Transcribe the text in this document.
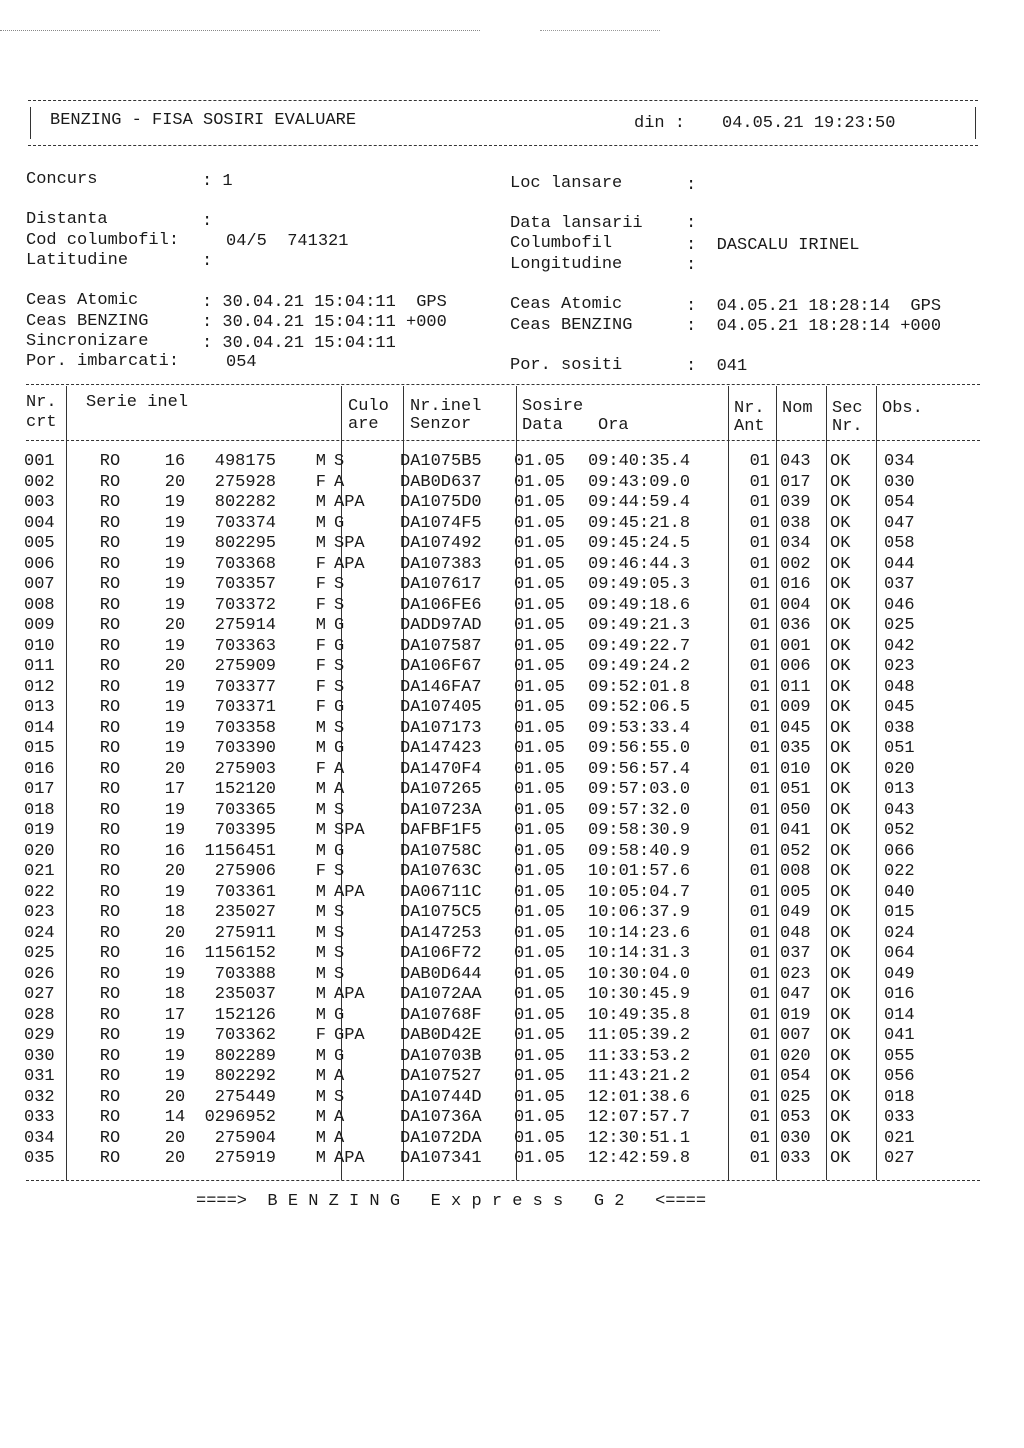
BENZING - FISA SOSIRI EVALUARE	din : 04.05.21 19:23:50
Concurs	: 1	Loc lansare	:
Distanta	:	Data lansarii	:
Cod columbofil:	04/5  741321	Columbofil	:  DASCALU IRINEL
Latitudine	:	Longitudine	:
Ceas Atomic	: 30.04.21 15:04:11  GPS	Ceas Atomic	:  04.05.21 18:28:14  GPS
Ceas BENZING	: 30.04.21 15:04:11 +000	Ceas BENZING	:  04.05.21 18:28:14 +000
Sincronizare	: 30.04.21 15:04:11
Por. imbarcati:	054	Por. sositi	:  041
Nr.
crt
Serie inel	Culo
are
Nr.inel
Senzor
Sosire
Data Ora
Nr.
Ant
Nom Sec
Nr.
Obs.
001	RO	16	498175	M	S	DA1075B5	01.05	09:40:35.4	01	043	OK	034
002	RO	20	275928	F	A	DAB0D637	01.05	09:43:09.0	01	017	OK	030
003	RO	19	802282	M	APA	DA1075D0	01.05	09:44:59.4	01	039	OK	054
004	RO	19	703374	M	G	DA1074F5	01.05	09:45:21.8	01	038	OK	047
005	RO	19	802295	M	SPA	DA107492	01.05	09:45:24.5	01	034	OK	058
006	RO	19	703368	F	APA	DA107383	01.05	09:46:44.3	01	002	OK	044
007	RO	19	703357	F	S	DA107617	01.05	09:49:05.3	01	016	OK	037
008	RO	19	703372	F	S	DA106FE6	01.05	09:49:18.6	01	004	OK	046
009	RO	20	275914	M	G	DADD97AD	01.05	09:49:21.3	01	036	OK	025
010	RO	19	703363	F	G	DA107587	01.05	09:49:22.7	01	001	OK	042
011	RO	20	275909	F	S	DA106F67	01.05	09:49:24.2	01	006	OK	023
012	RO	19	703377	F	S	DA146FA7	01.05	09:52:01.8	01	011	OK	048
013	RO	19	703371	F	G	DA107405	01.05	09:52:06.5	01	009	OK	045
014	RO	19	703358	M	S	DA107173	01.05	09:53:33.4	01	045	OK	038
015	RO	19	703390	M	G	DA147423	01.05	09:56:55.0	01	035	OK	051
016	RO	20	275903	F	A	DA1470F4	01.05	09:56:57.4	01	010	OK	020
017	RO	17	152120	M	A	DA107265	01.05	09:57:03.0	01	051	OK	013
018	RO	19	703365	M	S	DA10723A	01.05	09:57:32.0	01	050	OK	043
019	RO	19	703395	M	SPA	DAFBF1F5	01.05	09:58:30.9	01	041	OK	052
020	RO	16	1156451	M	G	DA10758C	01.05	09:58:40.9	01	052	OK	066
021	RO	20	275906	F	S	DA10763C	01.05	10:01:57.6	01	008	OK	022
022	RO	19	703361	M	APA	DA06711C	01.05	10:05:04.7	01	005	OK	040
023	RO	18	235027	M	S	DA1075C5	01.05	10:06:37.9	01	049	OK	015
024	RO	20	275911	M	S	DA147253	01.05	10:14:23.6	01	048	OK	024
025	RO	16	1156152	M	S	DA106F72	01.05	10:14:31.3	01	037	OK	064
026	RO	19	703388	M	S	DAB0D644	01.05	10:30:04.0	01	023	OK	049
027	RO	18	235037	M	APA	DA1072AA	01.05	10:30:45.9	01	047	OK	016
028	RO	17	152126	M	G	DA10768F	01.05	10:49:35.8	01	019	OK	014
029	RO	19	703362	F	GPA	DAB0D42E	01.05	11:05:39.2	01	007	OK	041
030	RO	19	802289	M	G	DA10703B	01.05	11:33:53.2	01	020	OK	055
031	RO	19	802292	M	A	DA107527	01.05	11:43:21.2	01	054	OK	056
032	RO	20	275449	M	S	DA10744D	01.05	12:01:38.6	01	025	OK	018
033	RO	14	0296952	M	A	DA10736A	01.05	12:07:57.7	01	053	OK	033
034	RO	20	275904	M	A	DA1072DA	01.05	12:30:51.1	01	030	OK	021
035	RO	20	275919	M	APA	DA107341	01.05	12:42:59.8	01	033	OK	027
====>  B E N Z I N G   E x p r e s s   G 2   <====
